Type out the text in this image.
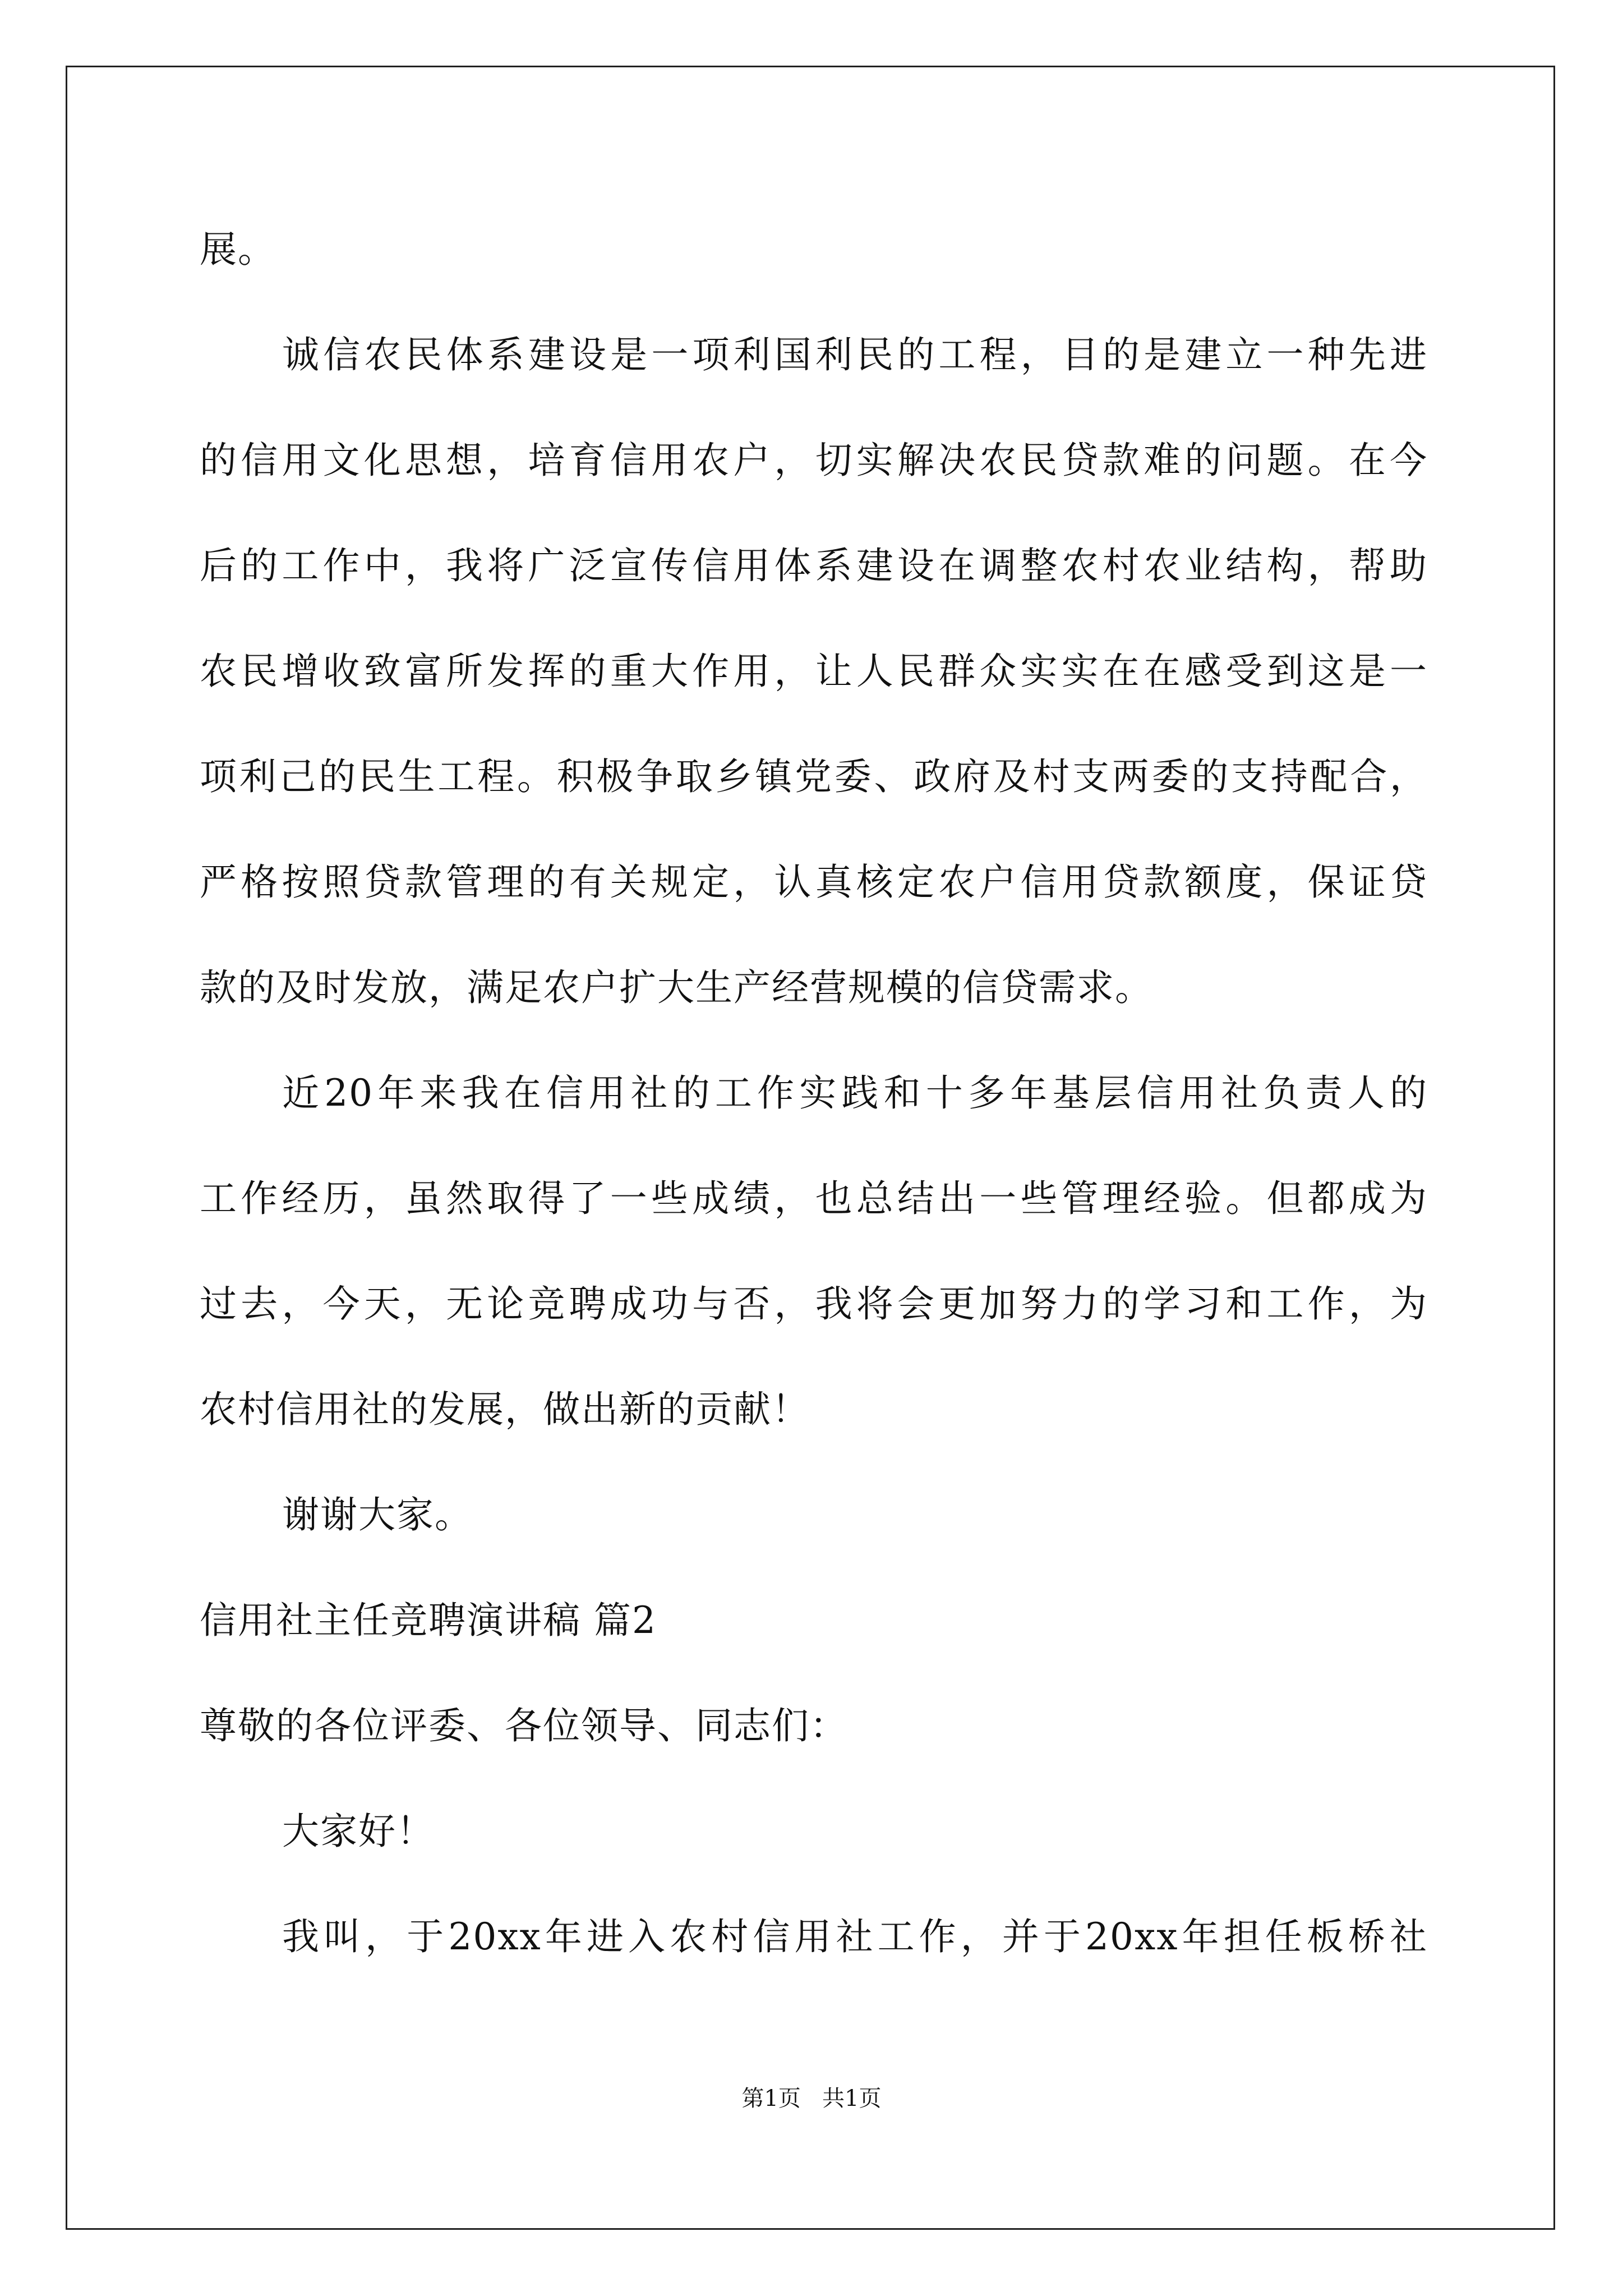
展。
诚信农民体系建设是一项利国利民的工程，目的是建立一种先进
的信用文化思想，培育信用农户，切实解决农民贷款难的问题。在今
后的工作中，我将广泛宣传信用体系建设在调整农村农业结构，帮助
农民增收致富所发挥的重大作用，让人民群众实实在在感受到这是一
项利己的民生工程。积极争取乡镇党委、政府及村支两委的支持配合，
严格按照贷款管理的有关规定，认真核定农户信用贷款额度，保证贷
款的及时发放，满足农户扩大生产经营规模的信贷需求。
近20年来我在信用社的工作实践和十多年基层信用社负责人的
工作经历，虽然取得了一些成绩，也总结出一些管理经验。但都成为
过去，今天，无论竞聘成功与否，我将会更加努力的学习和工作，为
农村信用社的发展，做出新的贡献！
谢谢大家。
信用社主任竞聘演讲稿 篇2
尊敬的各位评委、各位领导、同志们：
大家好！
我叫，于20xx年进入农村信用社工作，并于20xx年担任板桥社
第1页   共1页
